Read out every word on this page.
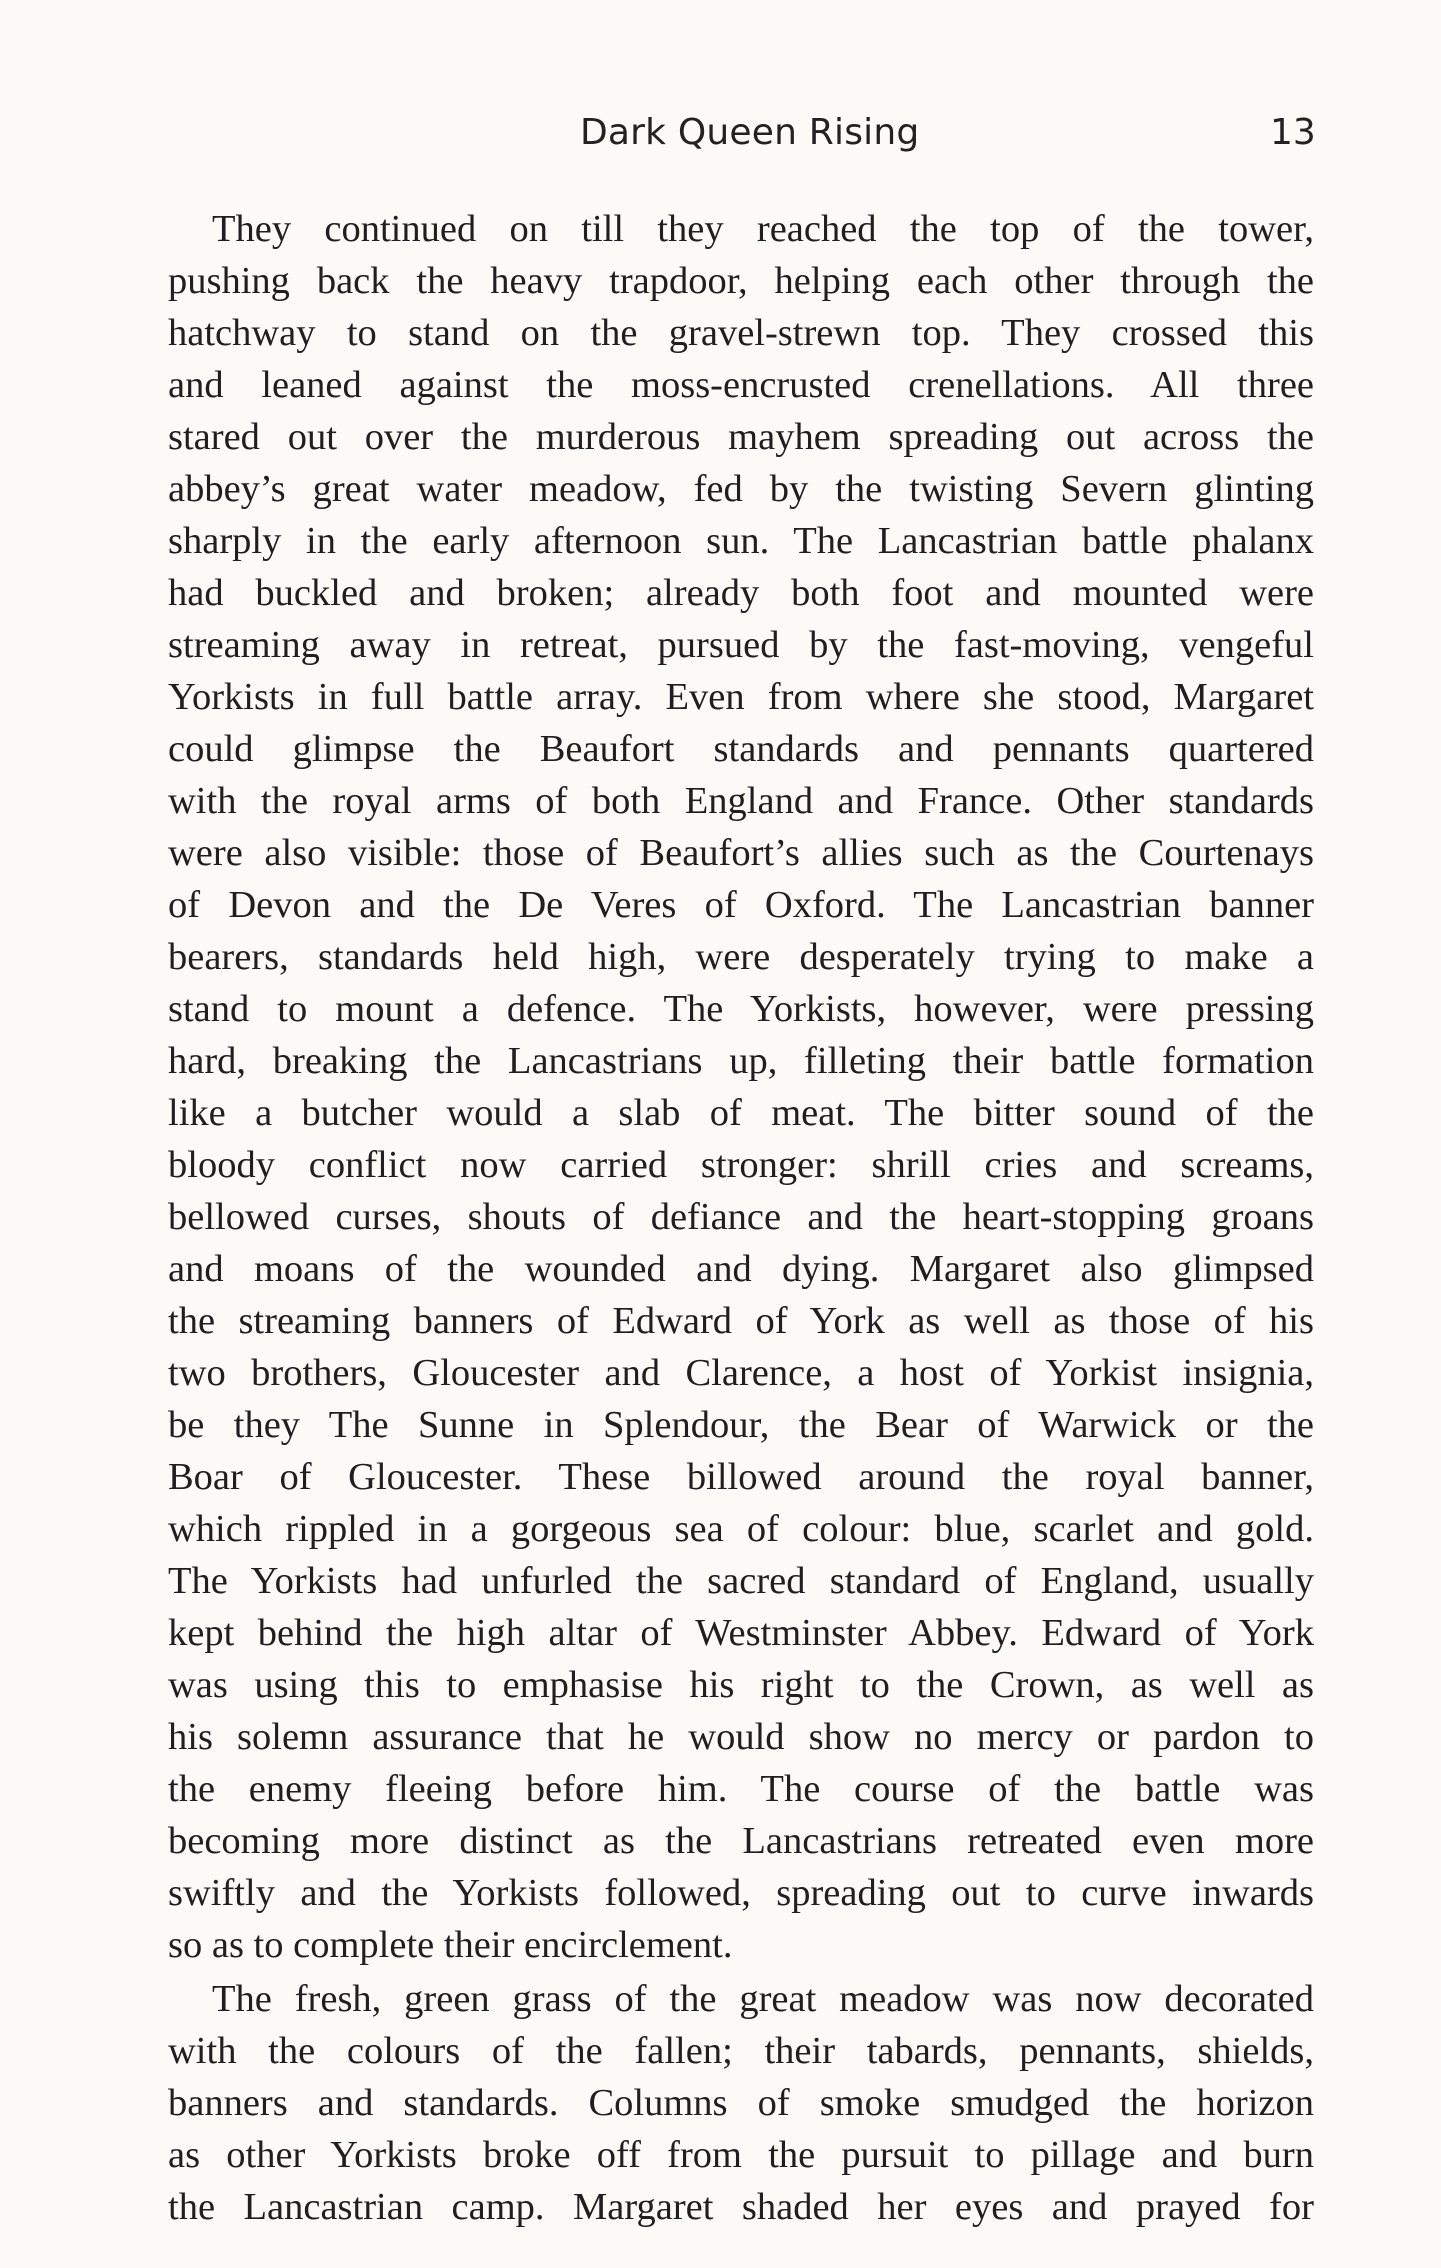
Dark Queen Rising	13
They continued on till they reached the top of the tower,
pushing back the heavy trapdoor, helping each other through the
hatchway to stand on the gravel-strewn top. They crossed this
and leaned against the moss-encrusted crenellations. All three
stared out over the murderous mayhem spreading out across the
abbey’s great water meadow, fed by the twisting Severn glinting
sharply in the early afternoon sun. The Lancastrian battle phalanx
had buckled and broken; already both foot and mounted were
streaming away in retreat, pursued by the fast-moving, vengeful
Yorkists in full battle array. Even from where she stood, Margaret
could glimpse the Beaufort standards and pennants quartered
with the royal arms of both England and France. Other standards
were also visible: those of Beaufort’s allies such as the Courtenays
of Devon and the De Veres of Oxford. The Lancastrian banner
bearers, standards held high, were desperately trying to make a
stand to mount a defence. The Yorkists, however, were pressing
hard, breaking the Lancastrians up, filleting their battle formation
like a butcher would a slab of meat. The bitter sound of the
bloody conflict now carried stronger: shrill cries and screams,
bellowed curses, shouts of defiance and the heart-stopping groans
and moans of the wounded and dying. Margaret also glimpsed
the streaming banners of Edward of York as well as those of his
two brothers, Gloucester and Clarence, a host of Yorkist insignia,
be they The Sunne in Splendour, the Bear of Warwick or the
Boar of Gloucester. These billowed around the royal banner,
which rippled in a gorgeous sea of colour: blue, scarlet and gold.
The Yorkists had unfurled the sacred standard of England, usually
kept behind the high altar of Westminster Abbey. Edward of York
was using this to emphasise his right to the Crown, as well as
his solemn assurance that he would show no mercy or pardon to
the enemy fleeing before him. The course of the battle was
becoming more distinct as the Lancastrians retreated even more
swiftly and the Yorkists followed, spreading out to curve inwards
so as to complete their encirclement.
The fresh, green grass of the great meadow was now decorated
with the colours of the fallen; their tabards, pennants, shields,
banners and standards. Columns of smoke smudged the horizon
as other Yorkists broke off from the pursuit to pillage and burn
the Lancastrian camp. Margaret shaded her eyes and prayed for
